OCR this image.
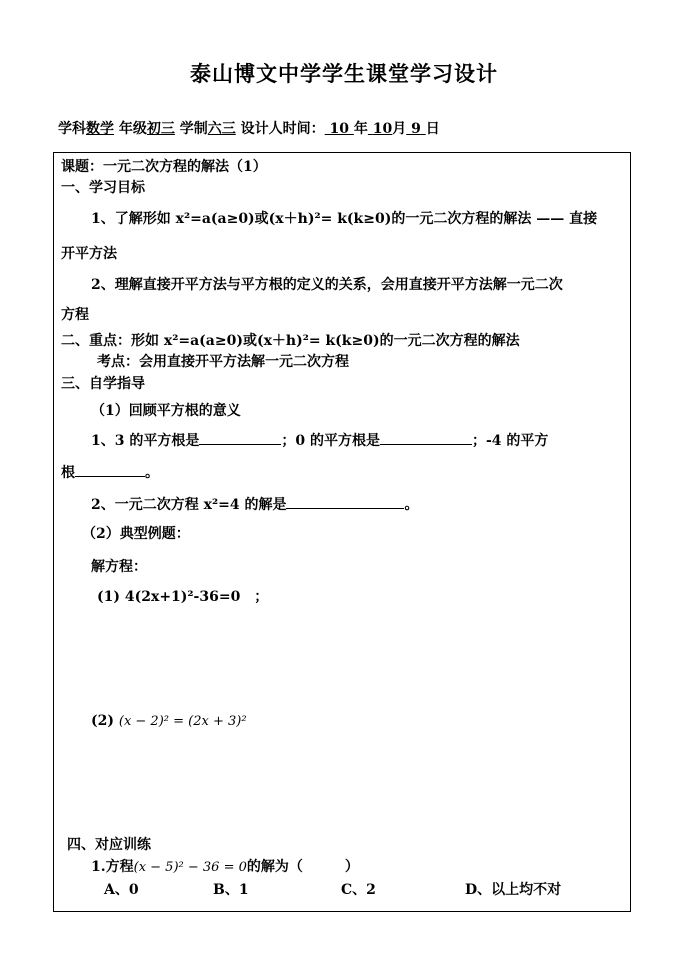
泰山博文中学学生课堂学习设计
学科数学 年级初三 学制六三 设计人时间： 10 年 10月 9 日
课题：一元二次方程的解法（1）
一、学习目标
1、了解形如 x²=a(a≥0)或(x＋h)²= k(k≥0)的一元二次方程的解法 —— 直接
开平方法
2、理解直接开平方法与平方根的定义的关系，会用直接开平方法解一元二次
方程
二、重点：形如 x²=a(a≥0)或(x＋h)²= k(k≥0)的一元二次方程的解法
考点：会用直接开平方法解一元二次方程
三、自学指导
（1）回顾平方根的意义
1、3 的平方根是	；0 的平方根是	；-4 的平方
根	。
2、一元二次方程 x²=4 的解是	。
（2）典型例题：
解方程：
(1) 4(2x+1)²-36=0　；
(2) (x − 2)² = (2x + 3)²
四、对应训练
1.方程(x − 5)² − 36 = 0的解为（　　　）
A、0	B、1	C、2	D、以上均不对
